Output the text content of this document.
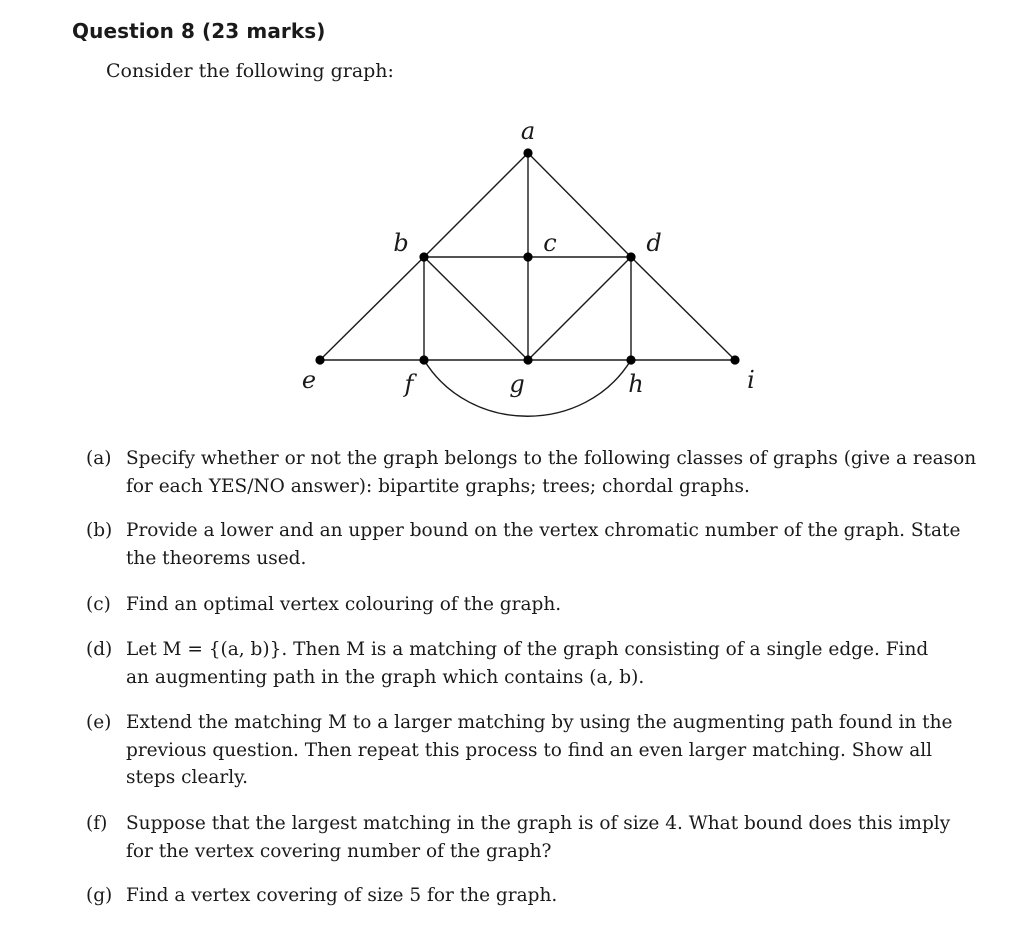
Question 8 (23 marks)
Consider the following graph:
a
b	c	d
e	f	g	h	i
(a) Specify whether or not the graph belongs to the following classes of graphs (give a reason
for each YES/NO answer): bipartite graphs; trees; chordal graphs.
(b) Provide a lower and an upper bound on the vertex chromatic number of the graph. State
the theorems used.
(c) Find an optimal vertex colouring of the graph.
(d) Let M = {(a, b)}. Then M is a matching of the graph consisting of a single edge. Find
an augmenting path in the graph which contains (a, b).
(e) Extend the matching M to a larger matching by using the augmenting path found in the
previous question. Then repeat this process to find an even larger matching. Show all
steps clearly.
(f) Suppose that the largest matching in the graph is of size 4. What bound does this imply
for the vertex covering number of the graph?
(g) Find a vertex covering of size 5 for the graph.
